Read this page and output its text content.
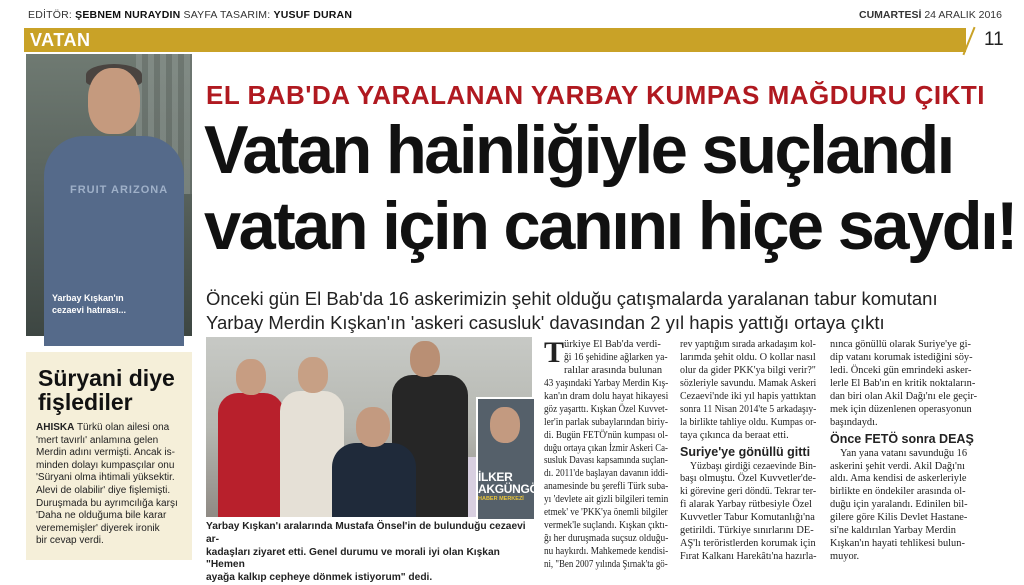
EDİTÖR: ŞEBNEM NURAYDIN SAYFA TASARIM: YUSUF DURAN	CUMARTESİ 24 ARALIK 2016
VATAN	11
FRUIT ARIZONA
Yarbay Kışkan'ın
cezaevi hatırası...
Süryani diye
fişlediler
AHISKA Türkü olan ailesi ona
'mert tavırlı' anlamına gelen
Merdin adını vermişti. Ancak is-
minden dolayı kumpasçılar onu
'Süryani olma ihtimali yüksektir.
Alevi de olabilir' diye fişlemişti.
Duruşmada bu ayrımcılığa karşı
'Daha ne olduğuma bile karar
verememişler' diyerek ironik
bir cevap verdi.
EL BAB'DA YARALANAN YARBAY KUMPAS MAĞDURU ÇIKTI
Vatan hainliğiyle suçlandı
vatan için canını hiçe saydı!
Önceki gün El Bab'da 16 askerimizin şehit olduğu çatışmalarda yaralanan tabur komutanı
Yarbay Merdin Kışkan'ın 'askeri casusluk' davasından 2 yıl hapis yattığı ortaya çıktı
İLKER
AKGÜNGÖR
HABER MERKEZİ
Yarbay Kışkan'ı aralarında Mustafa Önsel'in de bulunduğu cezaevi ar-
kadaşları ziyaret etti. Genel durumu ve morali iyi olan Kışkan "Hemen
ayağa kalkıp cepheye dönmek istiyorum" dedi.
T ürkiye El Bab'da verdi-
ği 16 şehidine ağlarken ya-
ralılar arasında bulunan
43 yaşındaki Yarbay Merdin Kış-
kan'ın dram dolu hayat hikayesi
göz yaşarttı. Kışkan Özel Kuvvet-
ler'in parlak subaylarından biriy-
di. Bugün FETÖ'nün kumpası ol-
duğu ortaya çıkan İzmir Askeri Ca-
susluk Davası kapsamında suçlan-
dı. 2011'de başlayan davanın iddi-
anamesinde bu şerefli Türk suba-
yı 'devlete ait gizli bilgileri temin
etmek' ve 'PKK'ya önemli bilgiler
vermek'le suçlandı. Kışkan çıktı-
ğı her duruşmada suçsuz olduğu-
nu haykırdı. Mahkemede kendisi-
ni, "Ben 2007 yılında Şırnak'ta gö-
rev yaptığım sırada arkadaşım kol-
larımda şehit oldu. O kollar nasıl
olur da gider PKK'ya bilgi verir?"
sözleriyle savundu. Mamak Askeri
Cezaevi'nde iki yıl hapis yattıktan
sonra 11 Nisan 2014'te 5 arkadaşıy-
la birlikte tahliye oldu. Kumpas or-
taya çıkınca da beraat etti.
Suriye'ye gönüllü gitti
Yüzbaşı girdiği cezaevinde Bin-
başı olmuştu. Özel Kuvvetler'de-
ki görevine geri döndü. Tekrar ter-
fi alarak Yarbay rütbesiyle Özel
Kuvvetler Tabur Komutanlığı'na
getirildi. Türkiye sınırlarını DE-
AŞ'lı teröristlerden korumak için
Fırat Kalkanı Harekâtı'na hazırla-
nınca gönüllü olarak Suriye'ye gi-
dip vatanı korumak istediğini söy-
ledi. Önceki gün emrindeki asker-
lerle El Bab'ın en kritik noktaların-
dan biri olan Akil Dağı'nı ele geçir-
mek için düzenlenen operasyonun
başındaydı.
Önce FETÖ sonra DEAŞ
Yan yana vatanı savunduğu 16
askerini şehit verdi. Akil Dağı'nı
aldı. Ama kendisi de askerleriyle
birlikte en öndekiler arasında ol-
duğu için yaralandı. Edinilen bil-
gilere göre Kilis Devlet Hastane-
si'ne kaldırılan Yarbay Merdin
Kışkan'ın hayati tehlikesi bulun-
muyor.
